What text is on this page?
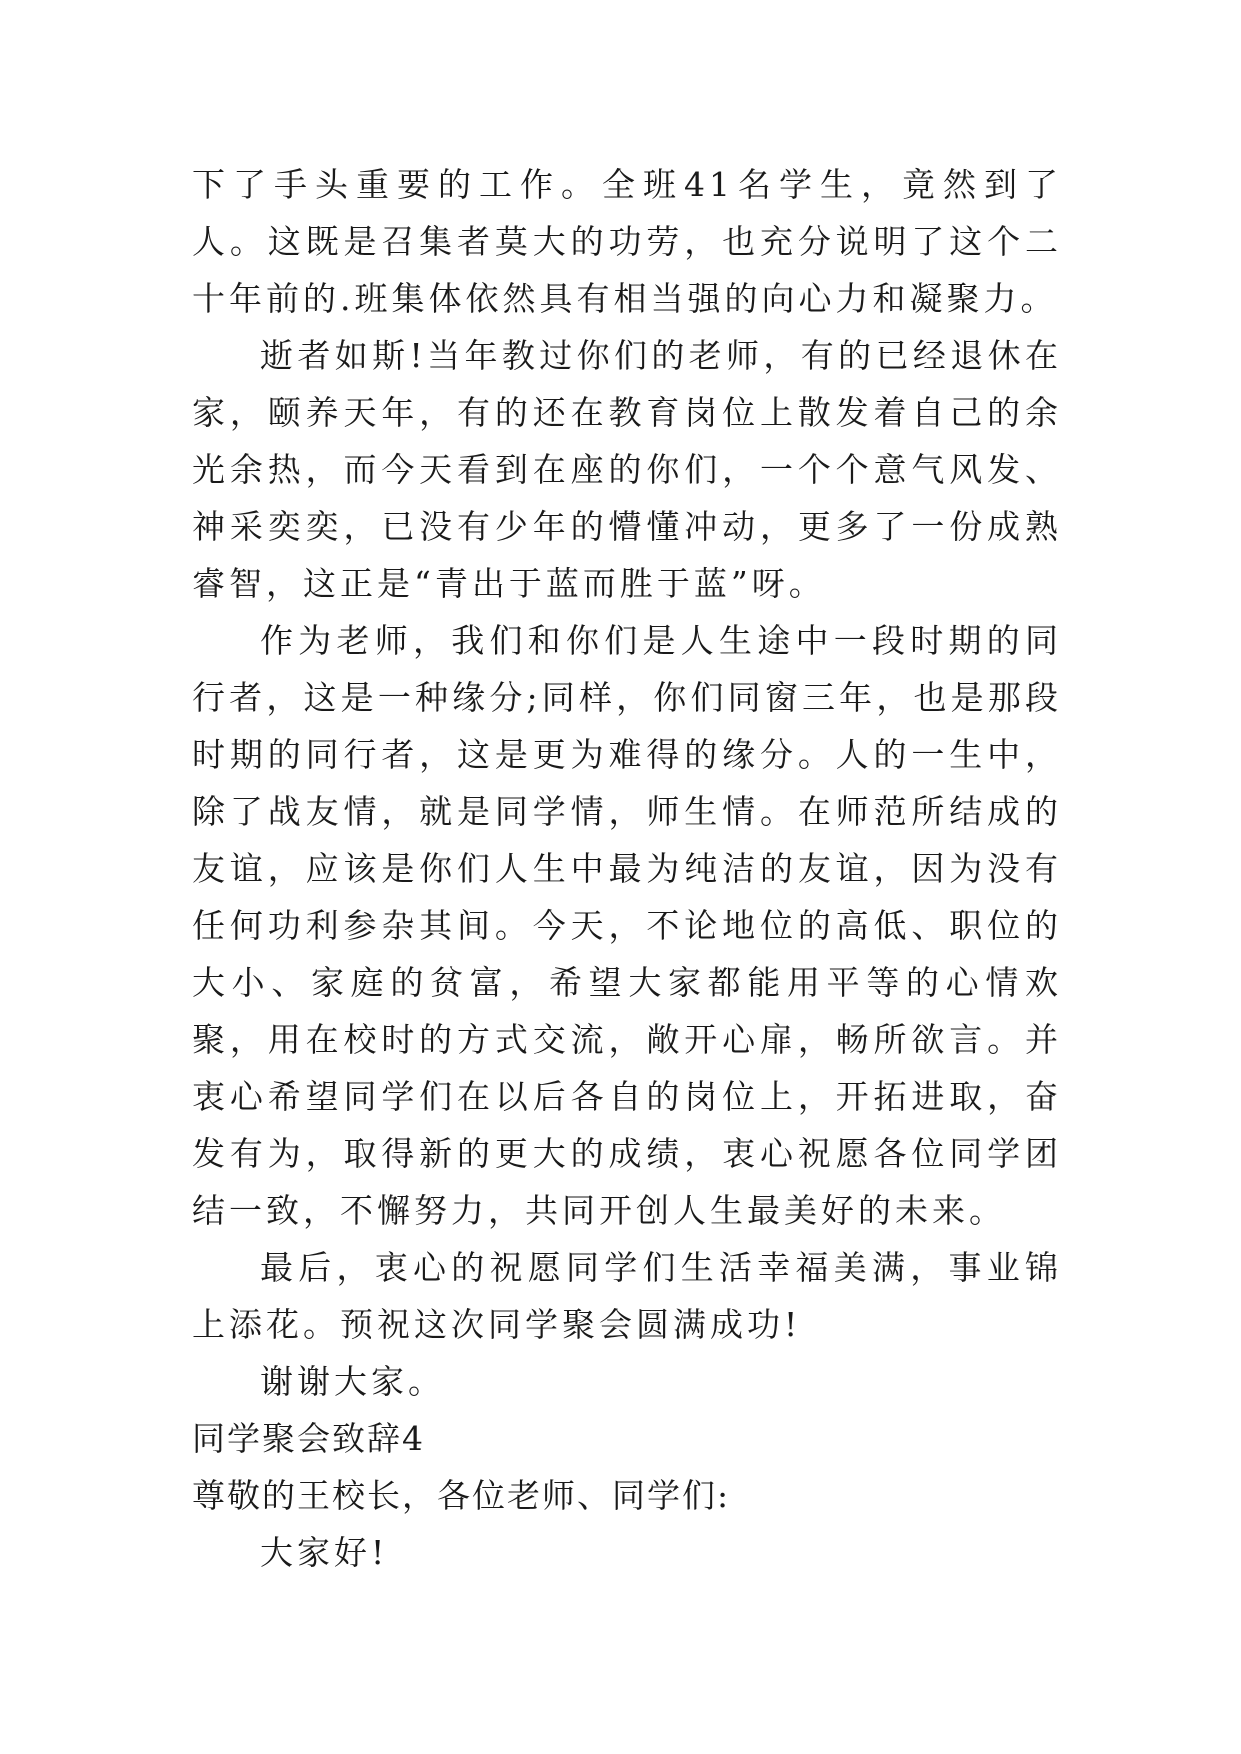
下了手头重要的工作。全班41名学生，竟然到了 人。这既是召集者莫大的功劳，也充分说明了这个二十年前的.班集体依然具有相当强的向心力和凝聚力。

逝者如斯!当年教过你们的老师，有的已经退休在家，颐养天年，有的还在教育岗位上散发着自己的余光余热，而今天看到在座的你们，一个个意气风发、神采奕奕，已没有少年的懵懂冲动，更多了一份成熟睿智，这正是“青出于蓝而胜于蓝”呀。

作为老师，我们和你们是人生途中一段时期的同行者，这是一种缘分;同样，你们同窗三年，也是那段时期的同行者，这是更为难得的缘分。人的一生中，除了战友情，就是同学情，师生情。在师范所结成的友谊，应该是你们人生中最为纯洁的友谊，因为没有任何功利参杂其间。今天，不论地位的高低、职位的大小、家庭的贫富，希望大家都能用平等的心情欢聚，用在校时的方式交流，敞开心扉，畅所欲言。并衷心希望同学们在以后各自的岗位上，开拓进取，奋发有为，取得新的更大的成绩，衷心祝愿各位同学团结一致，不懈努力，共同开创人生最美好的未来。

最后，衷心的祝愿同学们生活幸福美满，事业锦上添花。预祝这次同学聚会圆满成功!

谢谢大家。

同学聚会致辞4

尊敬的王校长，各位老师、同学们:

大家好!
